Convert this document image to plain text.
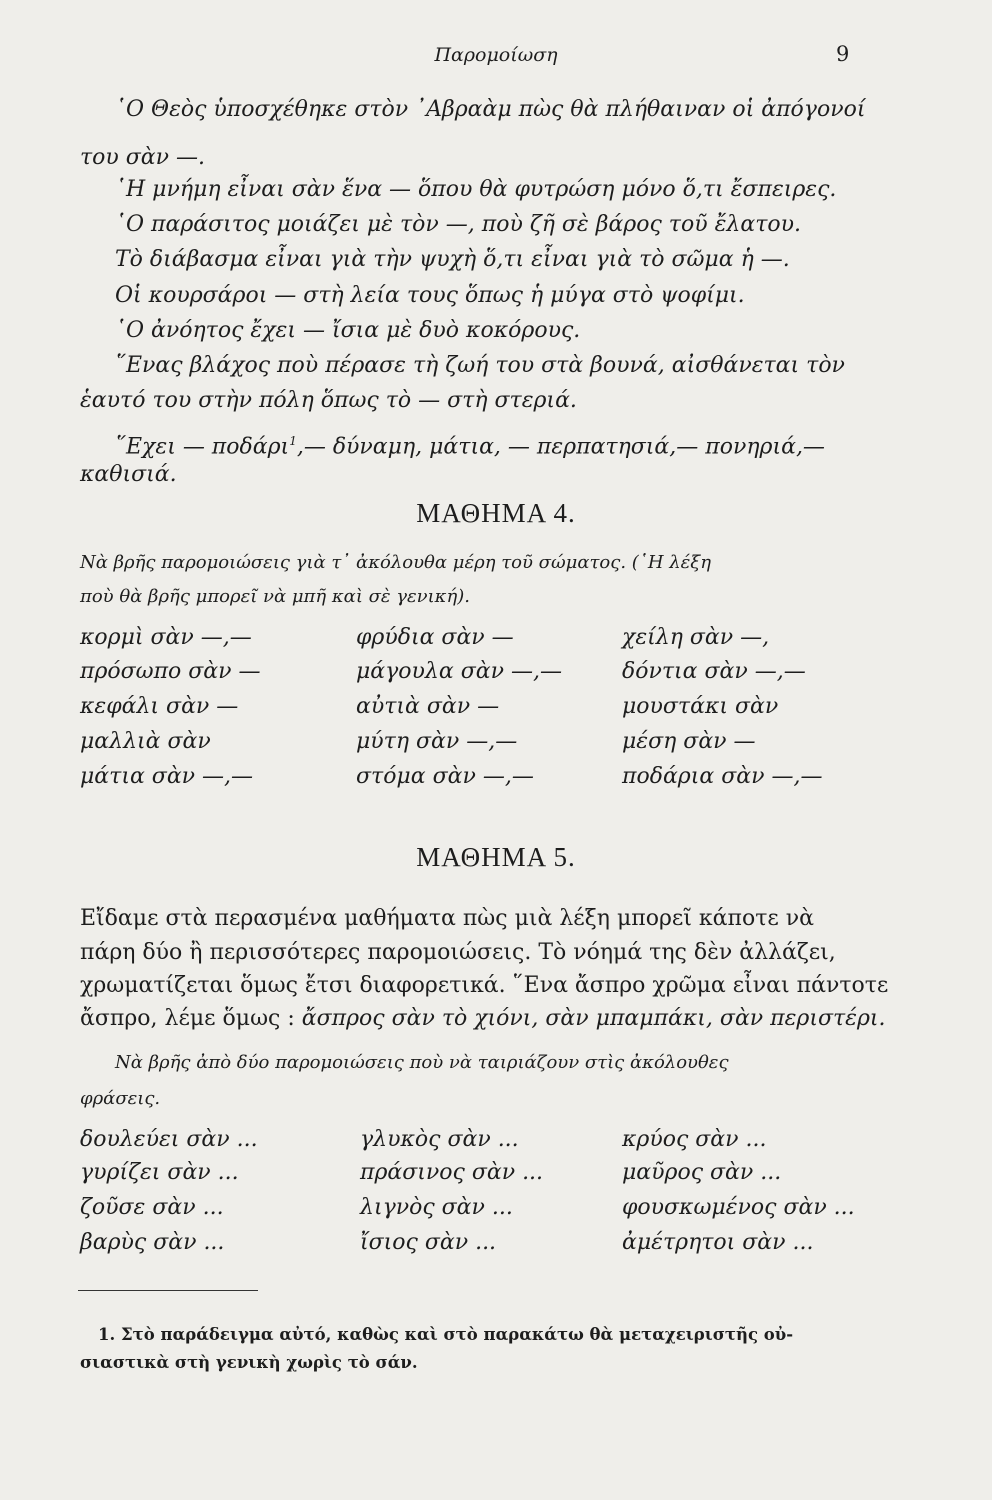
Παρομοίωση	9
῾Ο Θεὸς ὑποσχέθηκε στὸν ᾿Αβραὰμ πὼς θὰ πλήθαιναν οἱ ἀπόγονοί
του σὰν —.
῾Η μνήμη εἶναι σὰν ἕνα — ὅπου θὰ φυτρώση μόνο ὅ,τι ἔσπειρες.
῾Ο παράσιτος μοιάζει μὲ τὸν —, ποὺ ζῆ σὲ βάρος τοῦ ἔλατου.
Τὸ διάβασμα εἶναι γιὰ τὴν ψυχὴ ὅ,τι εἶναι γιὰ τὸ σῶμα ἡ —.
Οἱ κουρσάροι — στὴ λεία τους ὅπως ἡ μύγα στὸ ψοφίμι.
῾Ο ἀνόητος ἔχει — ἴσια μὲ δυὸ κοκόρους.
῞Ενας βλάχος ποὺ πέρασε τὴ ζωή του στὰ βουνά, αἰσθάνεται τὸν
ἑαυτό του στὴν πόλη ὅπως τὸ — στὴ στεριά.
῞Εχει — ποδάρι$^1$,— δύναμη, μάτια, — περπατησιά,— πονηριά,—
καθισιά.
ΜΑΘΗΜΑ 4.
Νὰ βρῆς παρομοιώσεις γιὰ τ᾿ ἀκόλουθα μέρη τοῦ σώματος. (῾Η λέξη
ποὺ θὰ βρῆς μπορεῖ νὰ μπῆ καὶ σὲ γενική).
κορμὶ σὰν —,—	φρύδια σὰν —	χείλη σὰν —,
πρόσωπο σὰν —	μάγουλα σὰν —,—	δόντια σὰν —,—
κεφάλι σὰν —	αὐτιὰ σὰν —	μουστάκι σὰν
μαλλιὰ σὰν	μύτη σὰν —,—	μέση σὰν —
μάτια σὰν —,—	στόμα σὰν —,—	ποδάρια σὰν —,—
ΜΑΘΗΜΑ 5.
Εἴδαμε στὰ περασμένα μαθήματα πὼς μιὰ λέξη μπορεῖ κάποτε νὰ
πάρη δύο ἢ περισσότερες παρομοιώσεις. Τὸ νόημά της δὲν ἀλλάζει,
χρωματίζεται ὅμως ἔτσι διαφορετικά. ῞Ενα ἄσπρο χρῶμα εἶναι πάντοτε
ἄσπρο, λέμε ὅμως : ἄσπρος σὰν τὸ χιόνι, σὰν μπαμπάκι, σὰν περιστέρι.
Νὰ βρῆς ἀπὸ δύο παρομοιώσεις ποὺ νὰ ταιριάζουν στὶς ἀκόλουθες
φράσεις.
δουλεύει σὰν ...	γλυκὸς σὰν ...	κρύος σὰν ...
γυρίζει σὰν ...	πράσινος σὰν ...	μαῦρος σὰν ...
ζοῦσε σὰν ...	λιγνὸς σὰν ...	φουσκωμένος σὰν ...
βαρὺς σὰν ...	ἴσιος σὰν ...	ἀμέτρητοι σὰν ...
1. Στὸ παράδειγμα αὐτό, καθὼς καὶ στὸ παρακάτω θὰ μεταχειριστῆς οὐ-
σιαστικὰ στὴ γενικὴ χωρὶς τὸ σάν.
